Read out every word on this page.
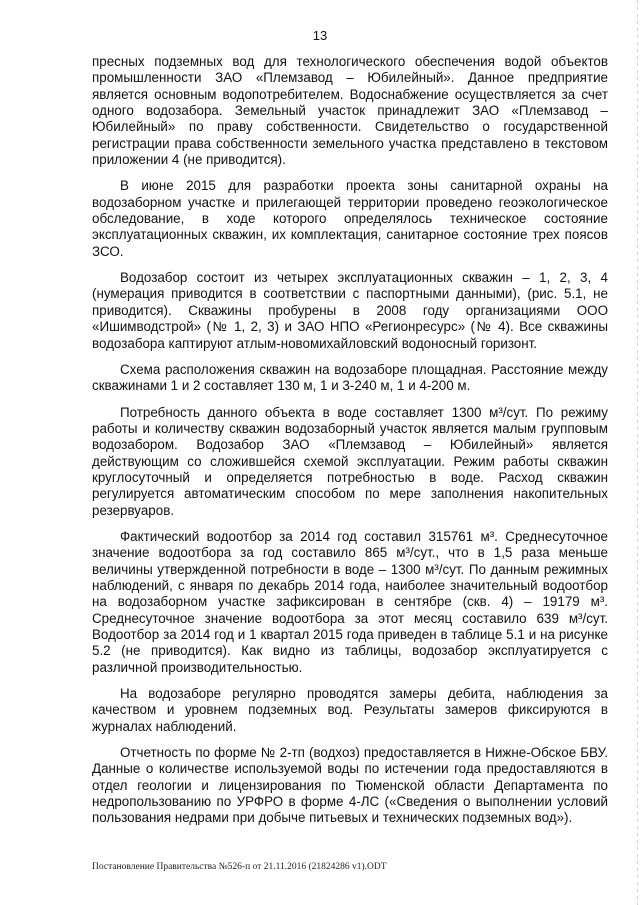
13

пресных подземных вод для технологического обеспечения водой объектов промышленности ЗАО «Племзавод – Юбилейный». Данное предприятие является основным водопотребителем. Водоснабжение осуществляется за счет одного водозабора. Земельный участок принадлежит ЗАО «Племзавод – Юбилейный» по праву собственности. Свидетельство о государственной регистрации права собственности земельного участка представлено в текстовом приложении 4 (не приводится).

В июне 2015 для разработки проекта зоны санитарной охраны на водозаборном участке и прилегающей территории проведено геоэкологическое обследование, в ходе которого определялось техническое состояние эксплуатационных скважин, их комплектация, санитарное состояние трех поясов ЗСО.

Водозабор состоит из четырех эксплуатационных скважин – 1, 2, 3, 4 (нумерация приводится в соответствии с паспортными данными), (рис. 5.1, не приводится). Скважины пробурены в 2008 году организациями ООО «Ишимводстрой» (№ 1, 2, 3) и ЗАО НПО «Регионресурс» (№ 4). Все скважины водозабора каптируют атлым-новомихайловский водоносный горизонт.

Схема расположения скважин на водозаборе площадная. Расстояние между скважинами 1 и 2 составляет 130 м, 1 и 3-240 м, 1 и 4-200 м.

Потребность данного объекта в воде составляет 1300 м³/сут. По режиму работы и количеству скважин водозаборный участок является малым групповым водозабором. Водозабор ЗАО «Племзавод – Юбилейный» является действующим со сложившейся схемой эксплуатации. Режим работы скважин круглосуточный и определяется потребностью в воде. Расход скважин регулируется автоматическим способом по мере заполнения накопительных резервуаров.

Фактический водоотбор за 2014 год составил 315761 м³. Среднесуточное значение водоотбора за год составило 865 м³/сут., что в 1,5 раза меньше величины утвержденной потребности в воде – 1300 м³/сут. По данным режимных наблюдений, с января по декабрь 2014 года, наиболее значительный водоотбор на водозаборном участке зафиксирован в сентябре (скв. 4) – 19179 м³. Среднесуточное значение водоотбора за этот месяц составило 639 м³/сут. Водоотбор за 2014 год и 1 квартал 2015 года приведен в таблице 5.1 и на рисунке 5.2 (не приводится). Как видно из таблицы, водозабор эксплуатируется с различной производительностью.

На водозаборе регулярно проводятся замеры дебита, наблюдения за качеством и уровнем подземных вод. Результаты замеров фиксируются в журналах наблюдений.

Отчетность по форме № 2-тп (водхоз) предоставляется в Нижне-Обское БВУ. Данные о количестве используемой воды по истечении года предоставляются в отдел геологии и лицензирования по Тюменской области Департамента по недропользованию по УРФРО в форме 4-ЛС («Сведения о выполнении условий пользования недрами при добыче питьевых и технических подземных вод»).

Постановление Правительства №526-п от 21.11.2016 (21824286 v1).ODT
